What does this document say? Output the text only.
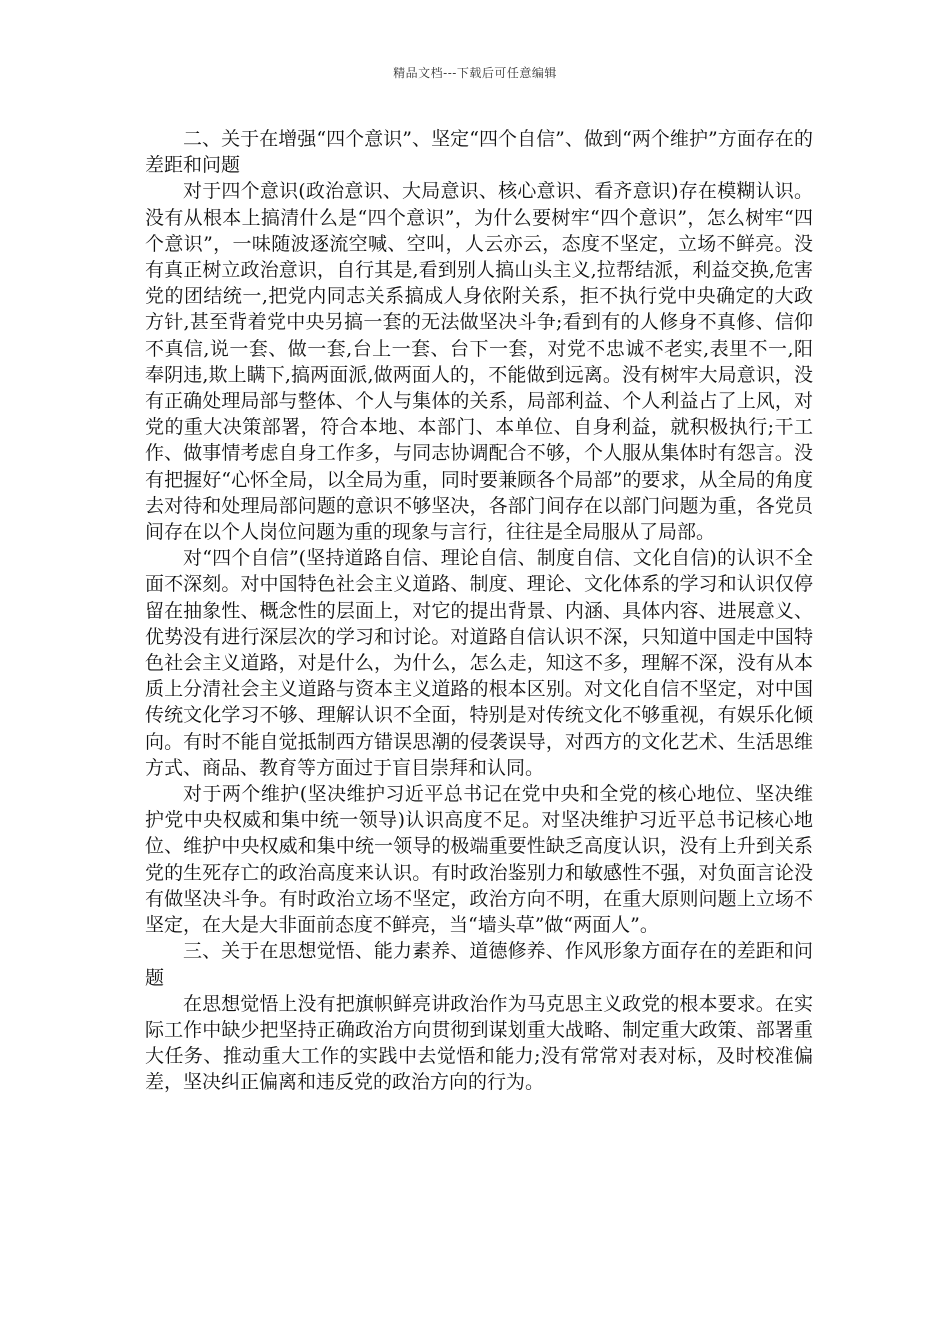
精品文档---下载后可任意编辑

二、关于在增强“四个意识”、坚定“四个自信”、做到“两个维护”方面存在的差距和问题

对于四个意识(政治意识、大局意识、核心意识、看齐意识)存在模糊认识。没有从根本上搞清什么是“四个意识”，为什么要树牢“四个意识”，怎么树牢“四个意识”，一味随波逐流空喊、空叫，人云亦云，态度不坚定，立场不鲜亮。没有真正树立政治意识，自行其是,看到别人搞山头主义,拉帮结派，利益交换,危害党的团结统一,把党内同志关系搞成人身依附关系，拒不执行党中央确定的大政方针,甚至背着党中央另搞一套的无法做坚决斗争;看到有的人修身不真修、信仰不真信,说一套、做一套,台上一套、台下一套，对党不忠诚不老实,表里不一,阳奉阴违,欺上瞒下,搞两面派,做两面人的，不能做到远离。没有树牢大局意识，没有正确处理局部与整体、个人与集体的关系，局部利益、个人利益占了上风，对党的重大决策部署，符合本地、本部门、本单位、自身利益，就积极执行;干工作、做事情考虑自身工作多，与同志协调配合不够，个人服从集体时有怨言。没有把握好“心怀全局，以全局为重，同时要兼顾各个局部”的要求，从全局的角度去对待和处理局部问题的意识不够坚决，各部门间存在以部门问题为重，各党员间存在以个人岗位问题为重的现象与言行，往往是全局服从了局部。

对“四个自信”(坚持道路自信、理论自信、制度自信、文化自信)的认识不全面不深刻。对中国特色社会主义道路、制度、理论、文化体系的学习和认识仅停留在抽象性、概念性的层面上，对它的提出背景、内涵、具体内容、进展意义、优势没有进行深层次的学习和讨论。对道路自信认识不深，只知道中国走中国特色社会主义道路，对是什么，为什么，怎么走，知这不多，理解不深，没有从本质上分清社会主义道路与资本主义道路的根本区别。对文化自信不坚定，对中国传统文化学习不够、理解认识不全面，特别是对传统文化不够重视，有娱乐化倾向。有时不能自觉抵制西方错误思潮的侵袭误导，对西方的文化艺术、生活思维方式、商品、教育等方面过于盲目崇拜和认同。

对于两个维护(坚决维护习近平总书记在党中央和全党的核心地位、坚决维护党中央权威和集中统一领导)认识高度不足。对坚决维护习近平总书记核心地位、维护中央权威和集中统一领导的极端重要性缺乏高度认识，没有上升到关系党的生死存亡的政治高度来认识。有时政治鉴别力和敏感性不强，对负面言论没有做坚决斗争。有时政治立场不坚定，政治方向不明，在重大原则问题上立场不坚定，在大是大非面前态度不鲜亮，当“墙头草”做“两面人”。

三、关于在思想觉悟、能力素养、道德修养、作风形象方面存在的差距和问题

在思想觉悟上没有把旗帜鲜亮讲政治作为马克思主义政党的根本要求。在实际工作中缺少把坚持正确政治方向贯彻到谋划重大战略、制定重大政策、部署重大任务、推动重大工作的实践中去觉悟和能力;没有常常对表对标，及时校准偏差，坚决纠正偏离和违反党的政治方向的行为。
